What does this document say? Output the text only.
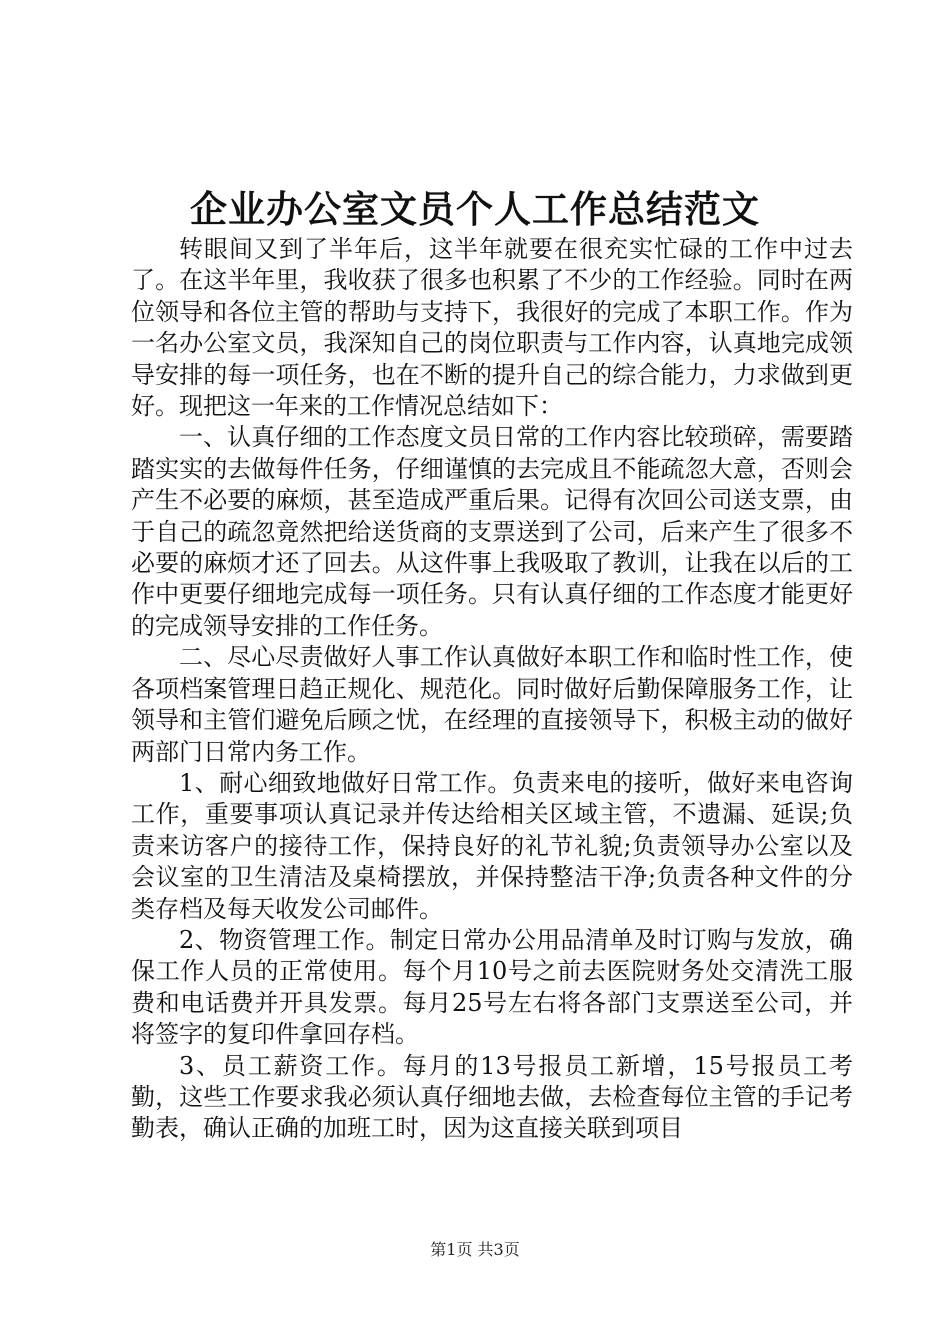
企业办公室文员个人工作总结范文

转眼间又到了半年后，这半年就要在很充实忙碌的工作中过去了。在这半年里，我收获了很多也积累了不少的工作经验。同时在两位领导和各位主管的帮助与支持下，我很好的完成了本职工作。作为一名办公室文员，我深知自己的岗位职责与工作内容，认真地完成领导安排的每一项任务，也在不断的提升自己的综合能力，力求做到更好。现把这一年来的工作情况总结如下：

一、认真仔细的工作态度文员日常的工作内容比较琐碎，需要踏踏实实的去做每件任务，仔细谨慎的去完成且不能疏忽大意，否则会产生不必要的麻烦，甚至造成严重后果。记得有次回公司送支票，由于自己的疏忽竟然把给送货商的支票送到了公司，后来产生了很多不必要的麻烦才还了回去。从这件事上我吸取了教训，让我在以后的工作中更要仔细地完成每一项任务。只有认真仔细的工作态度才能更好的完成领导安排的工作任务。

二、尽心尽责做好人事工作认真做好本职工作和临时性工作，使各项档案管理日趋正规化、规范化。同时做好后勤保障服务工作，让领导和主管们避免后顾之忧，在经理的直接领导下，积极主动的做好两部门日常内务工作。

1、耐心细致地做好日常工作。负责来电的接听，做好来电咨询工作，重要事项认真记录并传达给相关区域主管，不遗漏、延误;负责来访客户的接待工作，保持良好的礼节礼貌;负责领导办公室以及会议室的卫生清洁及桌椅摆放，并保持整洁干净;负责各种文件的分类存档及每天收发公司邮件。

2、物资管理工作。制定日常办公用品清单及时订购与发放，确保工作人员的正常使用。每个月10号之前去医院财务处交清洗工服费和电话费并开具发票。每月25号左右将各部门支票送至公司，并将签字的复印件拿回存档。

3、员工薪资工作。每月的13号报员工新增，15号报员工考勤，这些工作要求我必须认真仔细地去做，去检查每位主管的手记考勤表，确认正确的加班工时，因为这直接关联到项目

第1页 共3页
